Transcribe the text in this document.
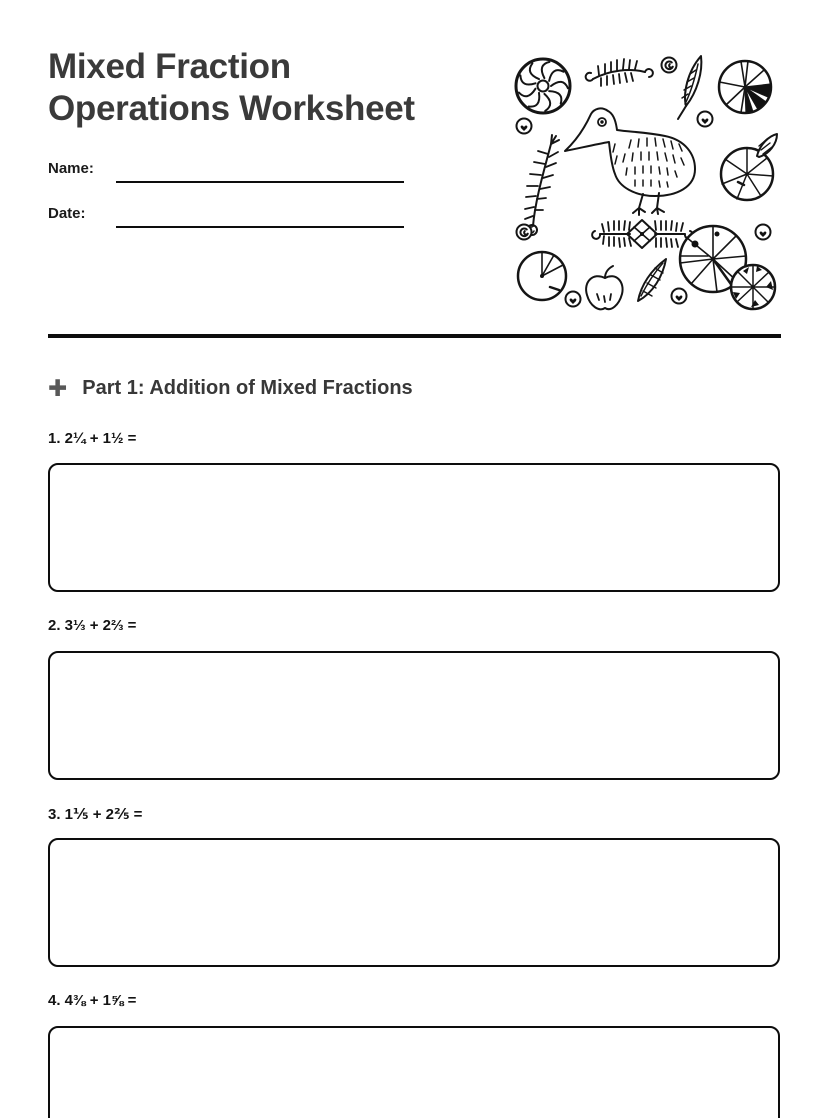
Mixed Fraction
Operations Worksheet
Name:
Date:
✚ Part 1: Addition of Mixed Fractions
1. 2¼ + 1½ =
2. 3⅓ + 2⅔ =
3. 1⅕ + 2⅖ =
4. 4⅜ + 1⅝ =
